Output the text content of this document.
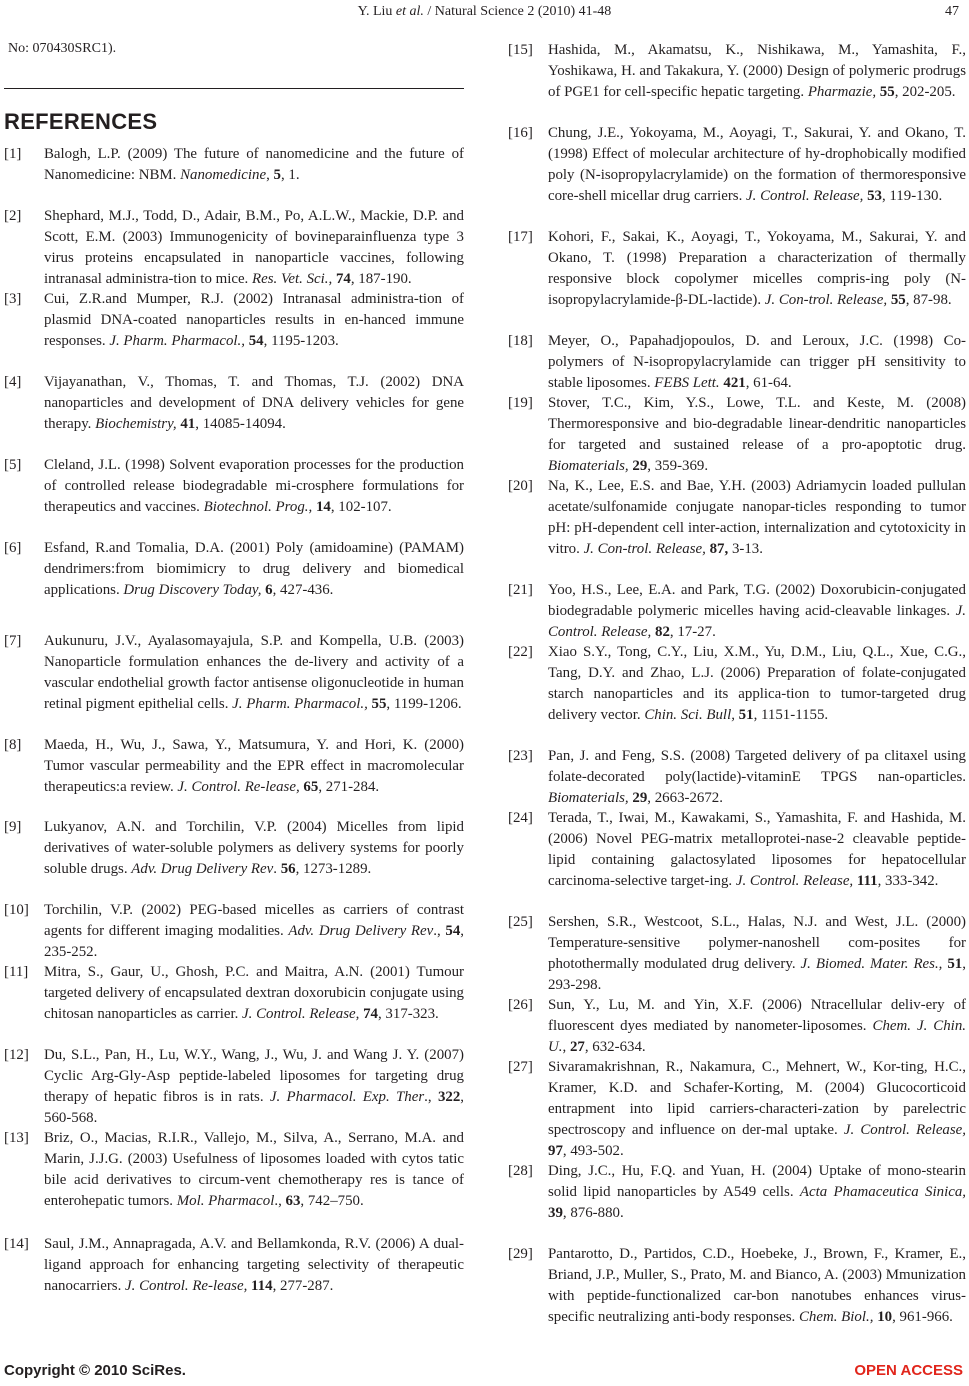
Y. Liu et al. / Natural Science 2 (2010) 41-48	47
No: 070430SRC1).
REFERENCES
[1]	Balogh, L.P. (2009) The future of nanomedicine and the future of Nanomedicine: NBM. Nanomedicine, 5, 1.
[2]	Shephard, M.J., Todd, D., Adair, B.M., Po, A.L.W., Mackie, D.P. and Scott, E.M. (2003) Immunogenicity of bovineparainfluenza type 3 virus proteins encapsulated in nanoparticle vaccines, following intranasal administra-tion to mice. Res. Vet. Sci., 74, 187-190.
[3]	Cui, Z.R.and Mumper, R.J. (2002) Intranasal administra-tion of plasmid DNA-coated nanoparticles results in en-hanced immune responses. J. Pharm. Pharmacol., 54, 1195-1203.
[4]	Vijayanathan, V., Thomas, T. and Thomas, T.J. (2002) DNA nanoparticles and development of DNA delivery vehicles for gene therapy. Biochemistry, 41, 14085-14094.
[5]	Cleland, J.L. (1998) Solvent evaporation processes for the production of controlled release biodegradable mi-crosphere formulations for therapeutics and vaccines. Biotechnol. Prog., 14, 102-107.
[6]	Esfand, R.and Tomalia, D.A. (2001) Poly (amidoamine) (PAMAM) dendrimers:from biomimicry to drug delivery and biomedical applications. Drug Discovery Today, 6, 427-436.
[7]	Aukunuru, J.V., Ayalasomayajula, S.P. and Kompella, U.B. (2003) Nanoparticle formulation enhances the de-livery and activity of a vascular endothelial growth factor antisense oligonucleotide in human retinal pigment epithelial cells. J. Pharm. Pharmacol., 55, 1199-1206.
[8]	Maeda, H., Wu, J., Sawa, Y., Matsumura, Y. and Hori, K. (2000) Tumor vascular permeability and the EPR effect in macromolecular therapeutics:a review. J. Control. Re-lease, 65, 271-284.
[9]	Lukyanov, A.N. and Torchilin, V.P. (2004) Micelles from lipid derivatives of water-soluble polymers as delivery systems for poorly soluble drugs. Adv. Drug Delivery Rev. 56, 1273-1289.
[10]	Torchilin, V.P. (2002) PEG-based micelles as carriers of contrast agents for different imaging modalities. Adv. Drug Delivery Rev., 54, 235-252.
[11]	Mitra, S., Gaur, U., Ghosh, P.C. and Maitra, A.N. (2001) Tumour targeted delivery of encapsulated dextran doxorubicin conjugate using chitosan nanoparticles as carrier. J. Control. Release, 74, 317-323.
[12]	Du, S.L., Pan, H., Lu, W.Y., Wang, J., Wu, J. and Wang J. Y. (2007) Cyclic Arg-Gly-Asp peptide-labeled liposomes for targeting drug therapy of hepatic fibros is in rats. J. Pharmacol. Exp. Ther., 322, 560-568.
[13]	Briz, O., Macias, R.I.R., Vallejo, M., Silva, A., Serrano, M.A. and Marin, J.J.G. (2003) Usefulness of liposomes loaded with cytos tatic bile acid derivatives to circum-vent chemotherapy res is tance of enterohepatic tumors. Mol. Pharmacol., 63, 742–750.
[14]	Saul, J.M., Annapragada, A.V. and Bellamkonda, R.V. (2006) A dual-ligand approach for enhancing targeting selectivity of therapeutic nanocarriers. J. Control. Re-lease, 114, 277-287.
[15]	Hashida, M., Akamatsu, K., Nishikawa, M., Yamashita, F., Yoshikawa, H. and Takakura, Y. (2000) Design of polymeric prodrugs of PGE1 for cell-specific hepatic targeting. Pharmazie, 55, 202-205.
[16]	Chung, J.E., Yokoyama, M., Aoyagi, T., Sakurai, Y. and Okano, T. (1998) Effect of molecular architecture of hy-drophobically modified poly (N-isopropylacrylamide) on the formation of thermoresponsive core-shell micellar drug carriers. J. Control. Release, 53, 119-130.
[17]	Kohori, F., Sakai, K., Aoyagi, T., Yokoyama, M., Sakurai, Y. and Okano, T. (1998) Preparation a characterization of thermally responsive block copolymer micelles compris-ing poly (N-isopropylacrylamide-β-DL-lactide). J. Con-trol. Release, 55, 87-98.
[18]	Meyer, O., Papahadjopoulos, D. and Leroux, J.C. (1998) Co- polymers of N-isopropylacrylamide can trigger pH sensitivity to stable liposomes. FEBS Lett. 421, 61-64.
[19]	Stover, T.C., Kim, Y.S., Lowe, T.L. and Keste, M. (2008) Thermoresponsive and bio-degradable linear-dendritic nanoparticles for targeted and sustained release of a pro-apoptotic drug. Biomaterials, 29, 359-369.
[20]	Na, K., Lee, E.S. and Bae, Y.H. (2003) Adriamycin loaded pullulan acetate/sulfonamide conjugate nanopar-ticles responding to tumor pH: pH-dependent cell inter-action, internalization and cytotoxicity in vitro. J. Con-trol. Release, 87, 3-13.
[21]	Yoo, H.S., Lee, E.A. and Park, T.G. (2002) Doxorubicin-conjugated biodegradable polymeric micelles having acid-cleavable linkages. J. Control. Release, 82, 17-27.
[22]	Xiao S.Y., Tong, C.Y., Liu, X.M., Yu, D.M., Liu, Q.L., Xue, C.G., Tang, D.Y. and Zhao, L.J. (2006) Preparation of folate-conjugated starch nanoparticles and its applica-tion to tumor-targeted drug delivery vector. Chin. Sci. Bull, 51, 1151-1155.
[23]	Pan, J. and Feng, S.S. (2008) Targeted delivery of pa clitaxel using folate-decorated poly(lactide)-vitaminE TPGS nan-oparticles. Biomaterials, 29, 2663-2672.
[24]	Terada, T., Iwai, M., Kawakami, S., Yamashita, F. and Hashida, M. (2006) Novel PEG-matrix metalloprotei-nase-2 cleavable peptide-lipid containing galactosylated liposomes for hepatocellular carcinoma-selective target-ing. J. Control. Release, 111, 333-342.
[25]	Sershen, S.R., Westcoot, S.L., Halas, N.J. and West, J.L. (2000) Temperature-sensitive polymer-nanoshell com-posites for photothermally modulated drug delivery. J. Biomed. Mater. Res., 51, 293-298.
[26]	Sun, Y., Lu, M. and Yin, X.F. (2006) Ntracellular deliv-ery of fluorescent dyes mediated by nanometer-liposomes. Chem. J. Chin. U., 27, 632-634.
[27]	Sivaramakrishnan, R., Nakamura, C., Mehnert, W., Kor-ting, H.C., Kramer, K.D. and Schafer-Korting, M. (2004) Glucocorticoid entrapment into lipid carriers-characteri-zation by parelectric spectroscopy and influence on der-mal uptake. J. Control. Release, 97, 493-502.
[28]	Ding, J.C., Hu, F.Q. and Yuan, H. (2004) Uptake of mono-stearin solid lipid nanoparticles by A549 cells. Acta Phamaceutica Sinica, 39, 876-880.
[29]	Pantarotto, D., Partidos, C.D., Hoebeke, J., Brown, F., Kramer, E., Briand, J.P., Muller, S., Prato, M. and Bianco, A. (2003) Mmunization with peptide-functionalized car-bon nanotubes enhances virus-specific neutralizing anti-body responses. Chem. Biol., 10, 961-966.
Copyright © 2010 SciRes.	OPEN ACCESS
